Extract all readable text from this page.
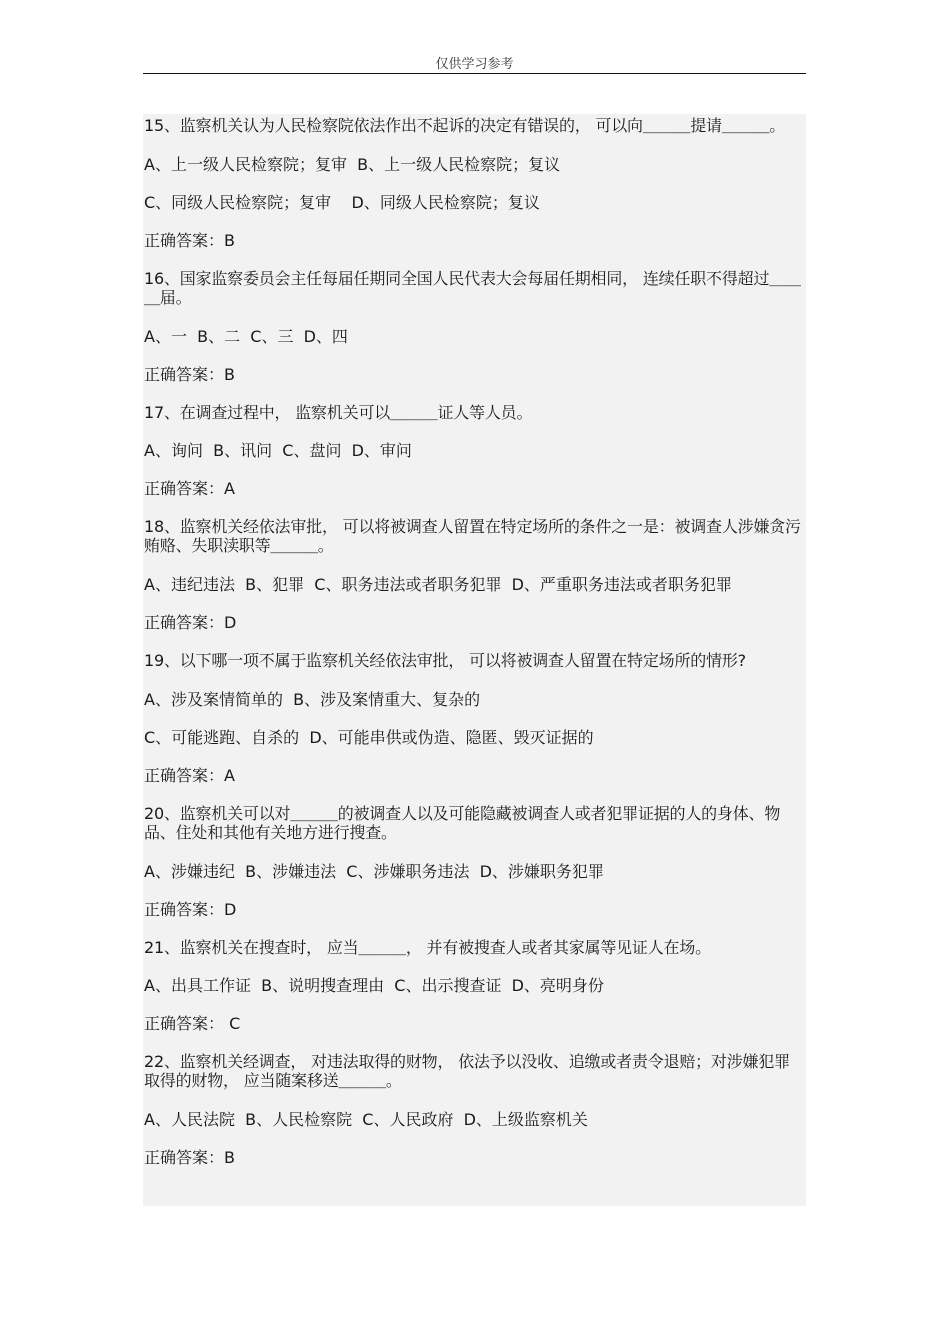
仅供学习参考
15、监察机关认为人民检察院依法作出不起诉的决定有错误的， 可以向＿＿＿提请＿＿＿。
A、上一级人民检察院；复审  B、上一级人民检察院；复议
C、同级人民检察院；复审    D、同级人民检察院；复议
正确答案：B
16、国家监察委员会主任每届任期同全国人民代表大会每届任期相同， 连续任职不得超过＿＿＿届。
A、一  B、二  C、三  D、四
正确答案：B
17、在调查过程中， 监察机关可以＿＿＿证人等人员。
A、询问  B、讯问  C、盘问  D、审问
正确答案：A
18、监察机关经依法审批， 可以将被调查人留置在特定场所的条件之一是：被调查人涉嫌贪污贿赂、失职渎职等＿＿＿。
A、违纪违法  B、犯罪  C、职务违法或者职务犯罪  D、严重职务违法或者职务犯罪
正确答案：D
19、以下哪一项不属于监察机关经依法审批， 可以将被调查人留置在特定场所的情形?
A、涉及案情简单的  B、涉及案情重大、复杂的
C、可能逃跑、自杀的  D、可能串供或伪造、隐匿、毁灭证据的
正确答案：A
20、监察机关可以对＿＿＿的被调查人以及可能隐藏被调查人或者犯罪证据的人的身体、物品、住处和其他有关地方进行搜查。
A、涉嫌违纪  B、涉嫌违法  C、涉嫌职务违法  D、涉嫌职务犯罪
正确答案：D
21、监察机关在搜查时， 应当＿＿＿， 并有被搜查人或者其家属等见证人在场。
A、出具工作证  B、说明搜查理由  C、出示搜查证  D、亮明身份
正确答案： C
22、监察机关经调查， 对违法取得的财物， 依法予以没收、追缴或者责令退赔；对涉嫌犯罪取得的财物， 应当随案移送＿＿＿。
A、人民法院  B、人民检察院  C、人民政府  D、上级监察机关
正确答案：B
